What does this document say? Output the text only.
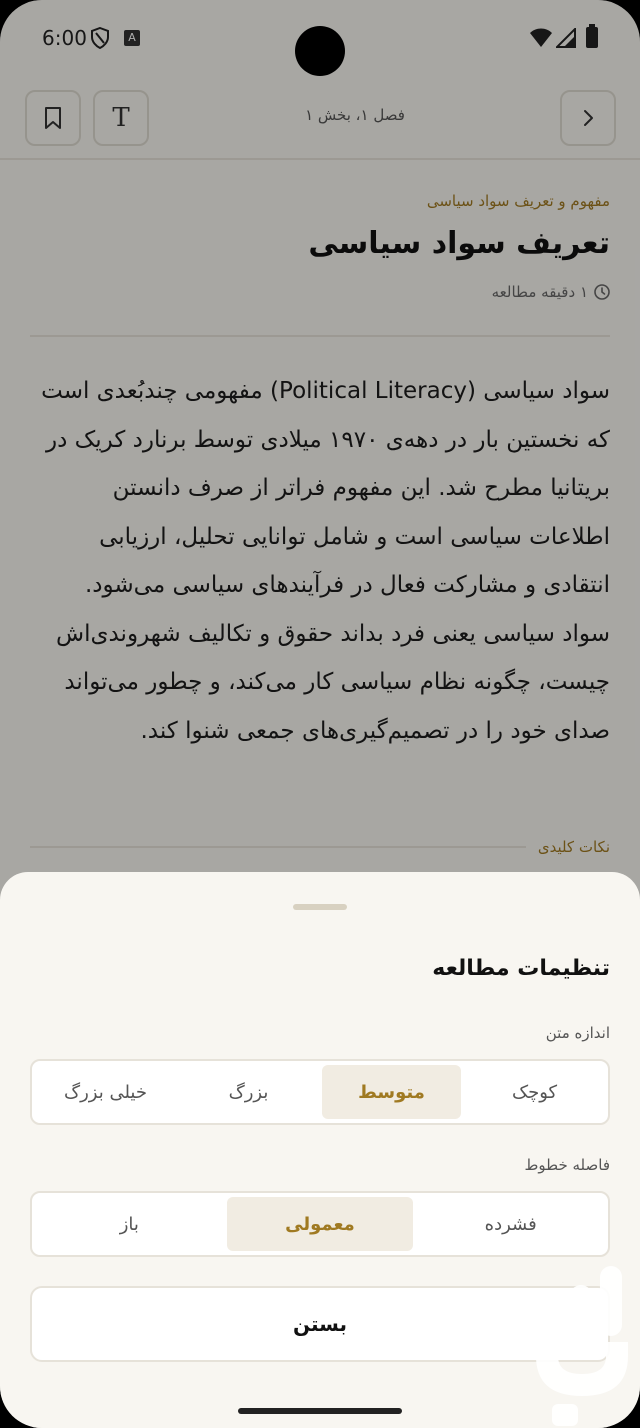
6:00	A
T	فصل ۱، بخش ۱
مفهوم و تعریف سواد سیاسی
تعریف سواد سیاسی
۱ دقیقه مطالعه

سواد سیاسی (Political Literacy) مفهومی چندبُعدی است که نخستین بار در دهه‌ی ۱۹۷۰ میلادی توسط برنارد کریک در بریتانیا مطرح شد. این مفهوم فراتر از صرف دانستن اطلاعات سیاسی است و شامل توانایی تحلیل، ارزیابی انتقادی و مشارکت فعال در فرآیندهای سیاسی می‌شود. سواد سیاسی یعنی فرد بداند حقوق و تکالیف شهروندی‌اش چیست، چگونه نظام سیاسی کار می‌کند، و چطور می‌تواند صدای خود را در تصمیم‌گیری‌های جمعی شنوا کند.

نکات کلیدی
تنظیمات مطالعه
اندازه متن
کوچک
متوسط
بزرگ
خیلی بزرگ
فاصله خطوط
فشرده
معمولی
باز
بستن
